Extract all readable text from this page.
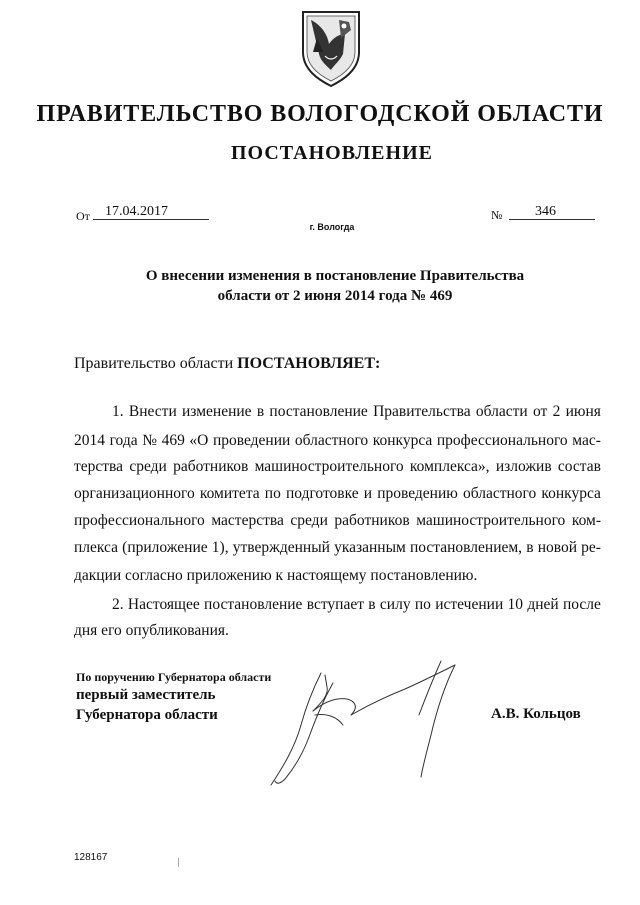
ПРАВИТЕЛЬСТВО ВОЛОГОДСКОЙ ОБЛАСТИ
ПОСТАНОВЛЕНИЕ
От	17.04.2017	№	346
г. Вологда
О внесении изменения в постановление Правительства
области от 2 июня 2014 года № 469
Правительство области ПОСТАНОВЛЯЕТ:
1. Внести изменение в постановление Правительства области от 2 июня
2014 года № 469 «О проведении областного конкурса профессионального мас-
терства среди работников машиностроительного комплекса», изложив состав
организационного комитета по подготовке и проведению областного конкурса
профессионального мастерства среди работников машиностроительного ком-
плекса (приложение 1), утвержденный указанным постановлением, в новой ре-
дакции согласно приложению к настоящему постановлению.
2. Настоящее постановление вступает в силу по истечении 10 дней после
дня его опубликования.
По поручению Губернатора области
первый заместитель
Губернатора области	А.В. Кольцов
128167
